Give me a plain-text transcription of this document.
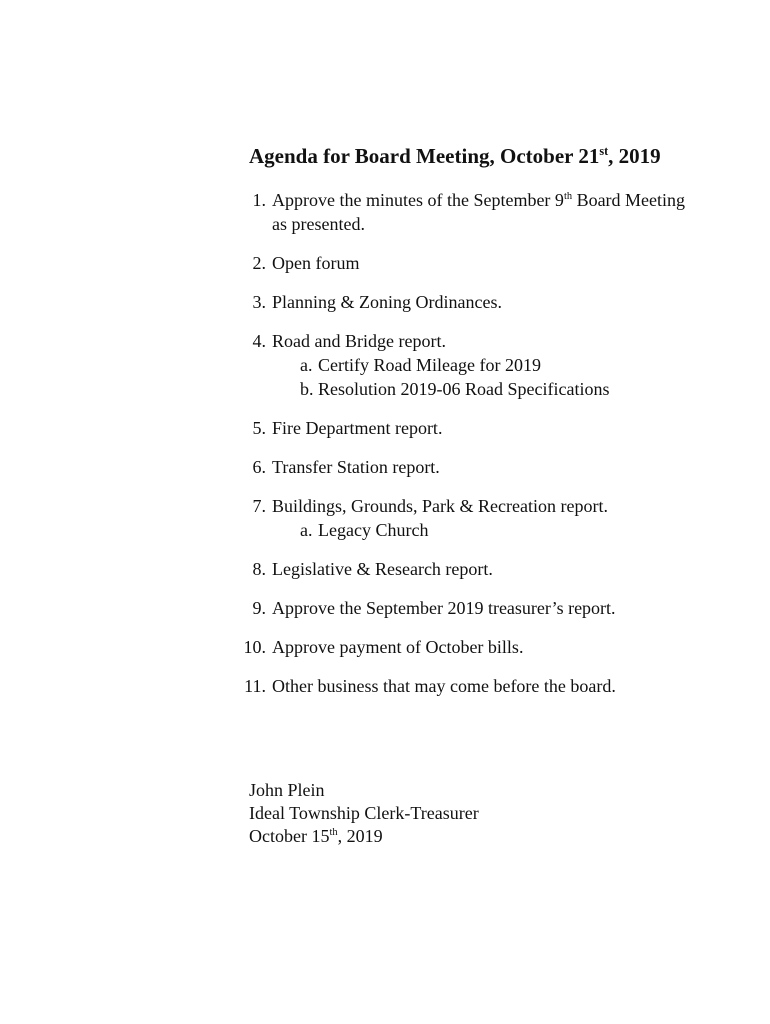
Agenda for Board Meeting, October 21st, 2019
1. Approve the minutes of the September 9th Board Meeting
as presented.
2. Open forum
3. Planning & Zoning Ordinances.
4. Road and Bridge report.
a. Certify Road Mileage for 2019
b. Resolution 2019-06 Road Specifications
5. Fire Department report.
6. Transfer Station report.
7. Buildings, Grounds, Park & Recreation report.
a. Legacy Church
8. Legislative & Research report.
9. Approve the September 2019 treasurer’s report.
10. Approve payment of October bills.
11. Other business that may come before the board.
John Plein
Ideal Township Clerk-Treasurer
October 15th, 2019
